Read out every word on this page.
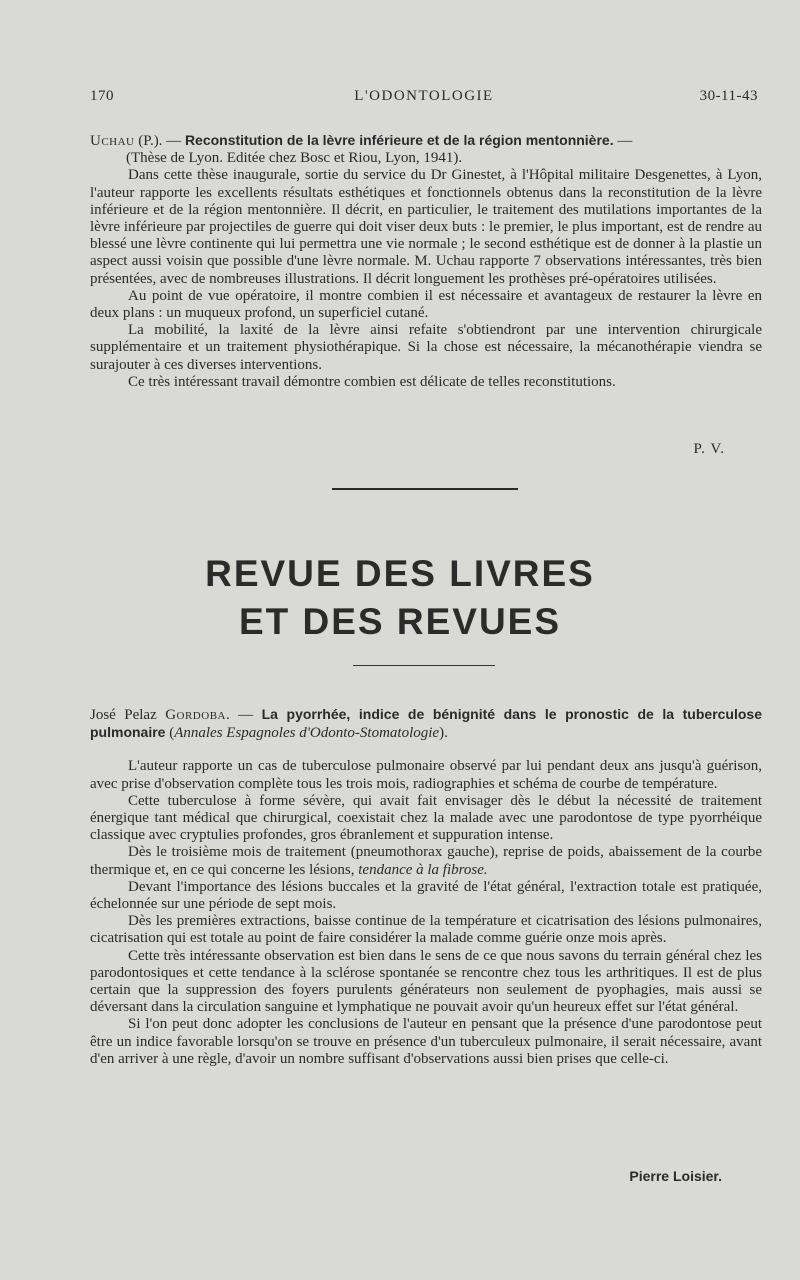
170	L'ODONTOLOGIE	30-11-43

Uchau (P.). — Reconstitution de la lèvre inférieure et de la région mentonnière. —

(Thèse de Lyon. Editée chez Bosc et Riou, Lyon, 1941).

Dans cette thèse inaugurale, sortie du service du Dr Ginestet, à l'Hôpital militaire Desgenettes, à Lyon, l'auteur rapporte les excellents résultats esthétiques et fonctionnels obtenus dans la reconstitution de la lèvre inférieure et de la région mentonnière. Il décrit, en particulier, le traitement des mutilations importantes de la lèvre inférieure par projectiles de guerre qui doit viser deux buts : le premier, le plus important, est de rendre au blessé une lèvre continente qui lui permettra une vie normale ; le second esthétique est de donner à la plastie un aspect aussi voisin que possible d'une lèvre normale. M. Uchau rapporte 7 observations intéressantes, très bien présentées, avec de nombreuses illustrations. Il décrit longuement les prothèses pré-opératoires utilisées.

Au point de vue opératoire, il montre combien il est nécessaire et avantageux de restaurer la lèvre en deux plans : un muqueux profond, un superficiel cutané.

La mobilité, la laxité de la lèvre ainsi refaite s'obtiendront par une intervention chirurgicale supplémentaire et un traitement physiothérapique. Si la chose est nécessaire, la mécanothérapie viendra se surajouter à ces diverses interventions.

Ce très intéressant travail démontre combien est délicate de telles reconstitutions.

P. V.
REVUE DES LIVRES
ET DES REVUES

José Pelaz Gordoba. — La pyorrhée, indice de bénignité dans le pronostic de la tuberculose pulmonaire (Annales Espagnoles d'Odonto-Stomatologie).

L'auteur rapporte un cas de tuberculose pulmonaire observé par lui pendant deux ans jusqu'à guérison, avec prise d'observation complète tous les trois mois, radiographies et schéma de courbe de température.

Cette tuberculose à forme sévère, qui avait fait envisager dès le début la nécessité de traitement énergique tant médical que chirurgical, coexistait chez la malade avec une parodontose de type pyorrhéique classique avec cryptulies profondes, gros ébranlement et suppuration intense.

Dès le troisième mois de traitement (pneumothorax gauche), reprise de poids, abaissement de la courbe thermique et, en ce qui concerne les lésions, tendance à la fibrose.

Devant l'importance des lésions buccales et la gravité de l'état général, l'extraction totale est pratiquée, échelonnée sur une période de sept mois.

Dès les premières extractions, baisse continue de la température et cicatrisation des lésions pulmonaires, cicatrisation qui est totale au point de faire considérer la malade comme guérie onze mois après.

Cette très intéressante observation est bien dans le sens de ce que nous savons du terrain général chez les parodontosiques et cette tendance à la sclérose spontanée se rencontre chez tous les arthritiques. Il est de plus certain que la suppression des foyers purulents générateurs non seulement de pyophagies, mais aussi se déversant dans la circulation sanguine et lymphatique ne pouvait avoir qu'un heureux effet sur l'état général.

Si l'on peut donc adopter les conclusions de l'auteur en pensant que la présence d'une parodontose peut être un indice favorable lorsqu'on se trouve en présence d'un tuberculeux pulmonaire, il serait nécessaire, avant d'en arriver à une règle, d'avoir un nombre suffisant d'observations aussi bien prises que celle-ci.

Pierre Loisier.
